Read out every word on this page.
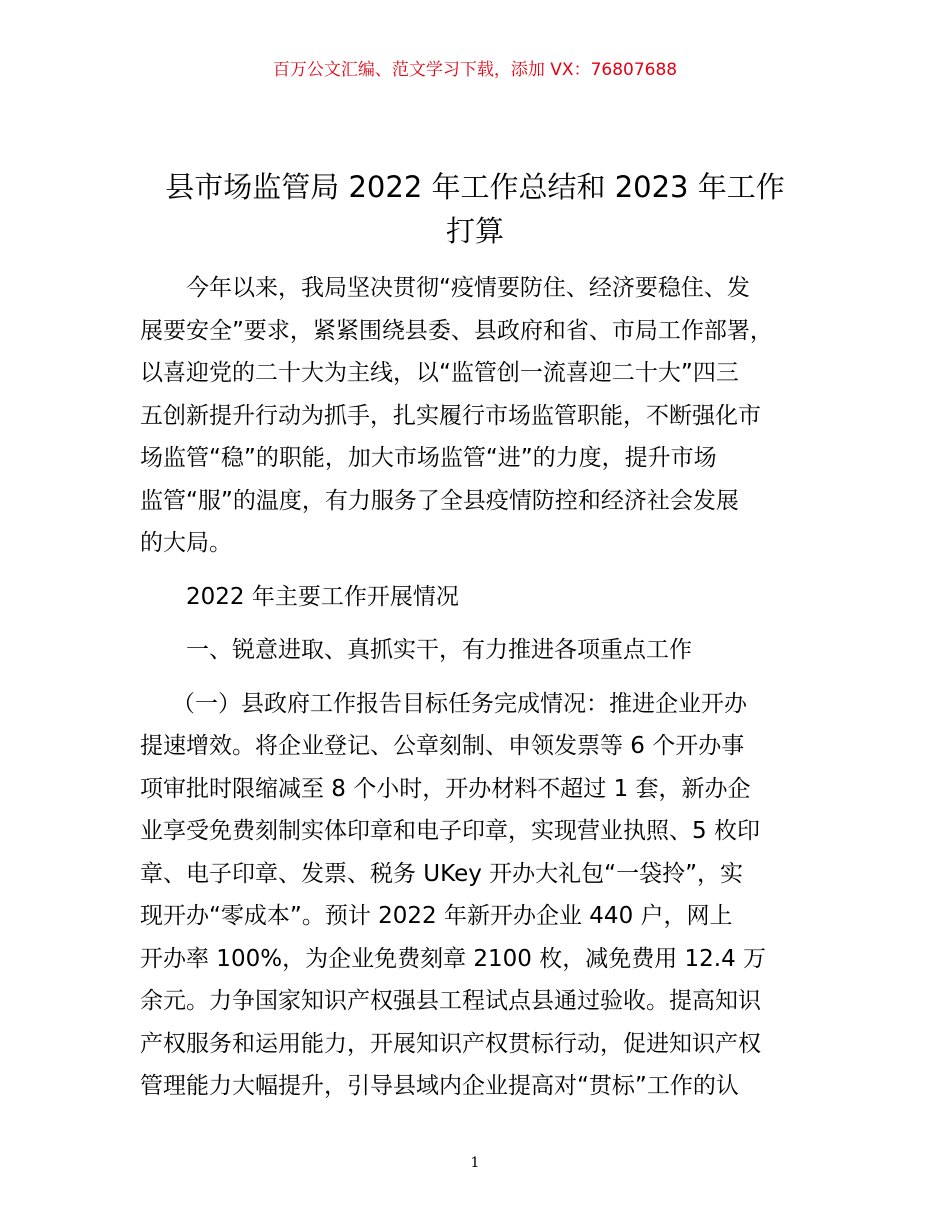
百万公文汇编、范文学习下载，添加 VX：76807688
县市场监管局 2022 年工作总结和 2023 年工作
打算

今年以来，我局坚决贯彻“疫情要防住、经济要稳住、发
展要安全”要求，紧紧围绕县委、县政府和省、市局工作部署，
以喜迎党的二十大为主线，以“监管创一流喜迎二十大”四三
五创新提升行动为抓手，扎实履行市场监管职能，不断强化市
场监管“稳”的职能，加大市场监管“进”的力度，提升市场
监管“服”的温度，有力服务了全县疫情防控和经济社会发展
的大局。

2022 年主要工作开展情况

一、锐意进取、真抓实干，有力推进各项重点工作

（一）县政府工作报告目标任务完成情况：推进企业开办
提速增效。将企业登记、公章刻制、申领发票等 6 个开办事
项审批时限缩减至 8 个小时，开办材料不超过 1 套，新办企
业享受免费刻制实体印章和电子印章，实现营业执照、5 枚印
章、电子印章、发票、税务 UKey 开办大礼包“一袋拎”，实
现开办“零成本”。预计 2022 年新开办企业 440 户，网上
开办率 100%，为企业免费刻章 2100 枚，减免费用 12.4 万
余元。力争国家知识产权强县工程试点县通过验收。提高知识
产权服务和运用能力，开展知识产权贯标行动，促进知识产权
管理能力大幅提升，引导县域内企业提高对“贯标”工作的认

1
